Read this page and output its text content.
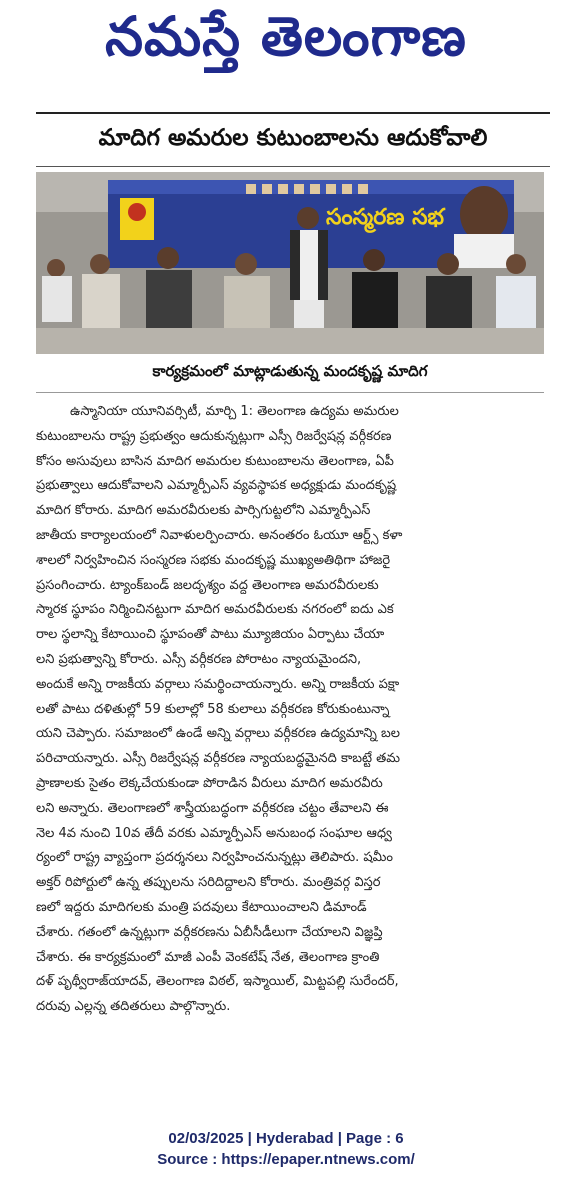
నమస్తే తెలంగాణ
మాదిగ అమరుల కుటుంబాలను ఆదుకోవాలి
సంస్మరణ సభ
కార్యక్రమంలో మాట్లాడుతున్న మందకృష్ణ మాదిగ
ఉస్మానియా యూనివర్సిటీ, మార్చి 1: తెలంగాణ ఉద్యమ అమరుల
కుటుంబాలను రాష్ట్ర ప్రభుత్వం ఆదుకున్నట్లుగా ఎస్సీ రిజర్వేషన్ల వర్గీకరణ
కోసం అసువులు బాసిన మాదిగ అమరుల కుటుంబాలను తెలంగాణ, ఏపీ
ప్రభుత్వాలు ఆదుకోవాలని ఎమ్మార్పీఎస్ వ్యవస్థాపక అధ్యక్షుడు మందకృష్ణ
మాదిగ కోరారు. మాదిగ అమరవీరులకు పార్సిగుట్టలోని ఎమ్మార్పీఎస్
జాతీయ కార్యాలయంలో నివాళులర్పించారు. అనంతరం ఓయూ ఆర్ట్స్ కళా
శాలలో నిర్వహించిన సంస్మరణ సభకు మందకృష్ణ ముఖ్యఅతిథిగా హాజరై
ప్రసంగించారు. ట్యాంక్‌బండ్ జలదృశ్యం వద్ద తెలంగాణ అమరవీరులకు
స్మారక స్థూపం నిర్మించినట్టుగా మాదిగ అమరవీరులకు నగరంలో ఐదు ఎక
రాల స్థలాన్ని కేటాయించి స్థూపంతో పాటు మ్యూజియం ఏర్పాటు చేయా
లని ప్రభుత్వాన్ని కోరారు. ఎస్సీ వర్గీకరణ పోరాటం న్యాయమైందని,
అందుకే అన్ని రాజకీయ వర్గాలు సమర్థించాయన్నారు. అన్ని రాజకీయ పక్షా
లతో పాటు దళితుల్లో 59 కులాల్లో 58 కులాలు వర్గీకరణ కోరుకుంటున్నా
యని చెప్పారు. సమాజంలో ఉండే అన్ని వర్గాలు వర్గీకరణ ఉద్యమాన్ని బల
పరిచాయన్నారు. ఎస్సీ రిజర్వేషన్ల వర్గీకరణ న్యాయబద్ధమైనది కాబట్టే తమ
ప్రాణాలకు సైతం లెక్కచేయకుండా పోరాడిన వీరులు మాదిగ అమరవీరు
లని అన్నారు. తెలంగాణలో శాస్త్రీయబద్ధంగా వర్గీకరణ చట్టం తేవాలని ఈ
నెల 4వ నుంచి 10వ తేదీ వరకు ఎమ్మార్పీఎస్ అనుబంధ సంఘాల ఆధ్వ
ర్యంలో రాష్ట్ర వ్యాప్తంగా ప్రదర్శనలు నిర్వహించనున్నట్లు తెలిపారు. షమీం
అక్తర్ రిపోర్టులో ఉన్న తప్పులను సరిదిద్దాలని కోరారు. మంత్రివర్గ విస్తర
ణలో ఇద్దరు మాదిగలకు మంత్రి పదవులు కేటాయించాలని డిమాండ్
చేశారు. గతంలో ఉన్నట్లుగా వర్గీకరణను ఏబీసీడీలుగా చేయాలని విజ్ఞప్తి
చేశారు. ఈ కార్యక్రమంలో మాజీ ఎంపీ వెంకటేష్ నేత, తెలంగాణ క్రాంతి
దళ్ పృథ్వీరాజ్‌యాదవ్, తెలంగాణ విఠల్, ఇస్మాయిల్, మిట్టపల్లి సురేందర్,
దరువు ఎల్లన్న తదితరులు పాల్గొన్నారు.
02/03/2025 | Hyderabad | Page : 6
Source : https://epaper.ntnews.com/
